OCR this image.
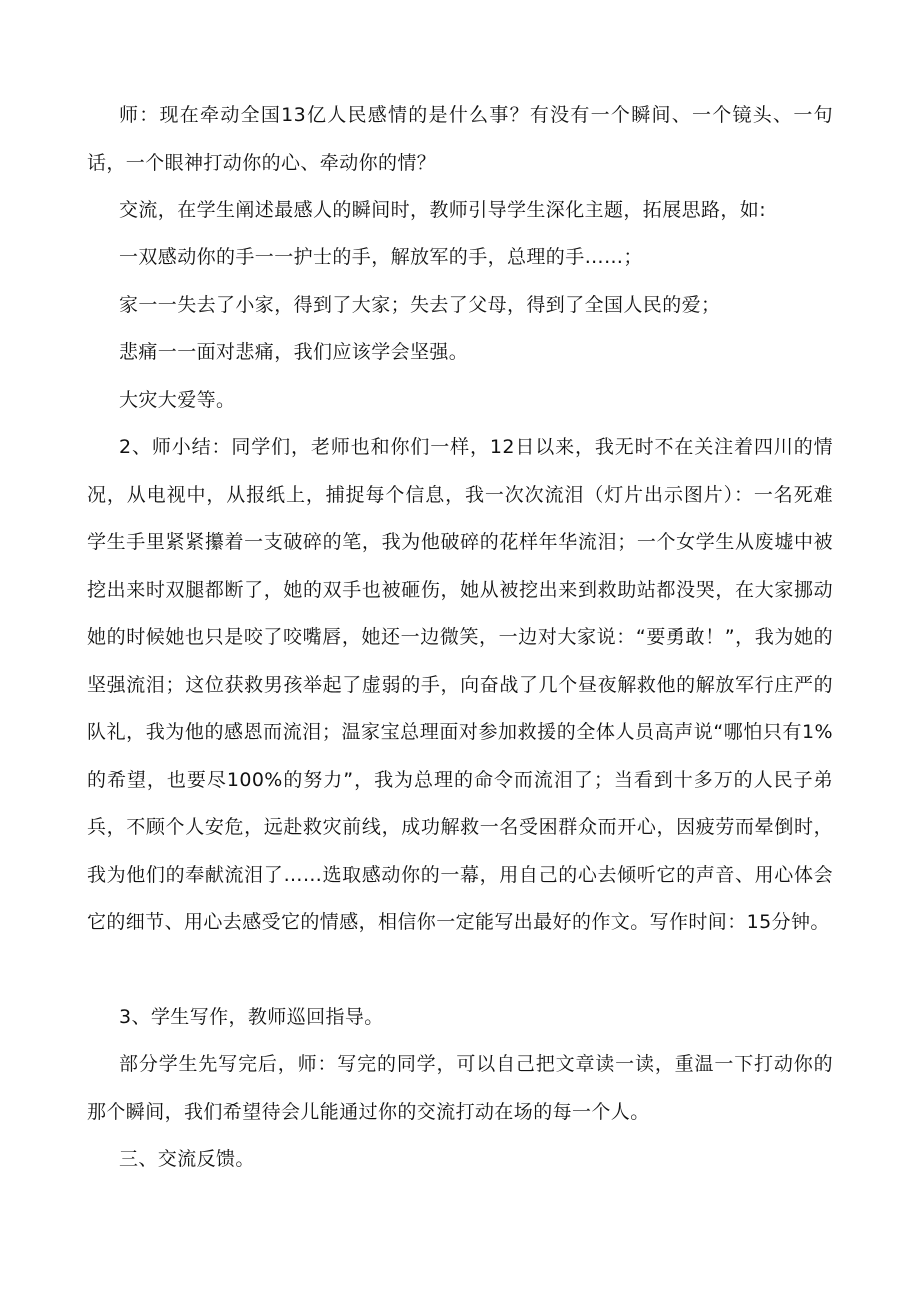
师：现在牵动全国13亿人民感情的是什么事？有没有一个瞬间、一个镜头、一句话，一个眼神打动你的心、牵动你的情？

交流，在学生阐述最感人的瞬间时，教师引导学生深化主题，拓展思路，如:

一双感动你的手一一护士的手，解放军的手，总理的手……；

家一一失去了小家，得到了大家；失去了父母，得到了全国人民的爱；

悲痛一一面对悲痛，我们应该学会坚强。

大灾大爱等。

2、师小结：同学们，老师也和你们一样，12日以来，我无时不在关注着四川的情况，从电视中，从报纸上，捕捉每个信息，我一次次流泪（灯片出示图片）：一名死难学生手里紧紧攥着一支破碎的笔，我为他破碎的花样年华流泪；一个女学生从废墟中被挖出来时双腿都断了，她的双手也被砸伤，她从被挖出来到救助站都没哭，在大家挪动她的时候她也只是咬了咬嘴唇，她还一边微笑，一边对大家说：“要勇敢！”，我为她的坚强流泪；这位获救男孩举起了虚弱的手，向奋战了几个昼夜解救他的解放军行庄严的队礼，我为他的感恩而流泪；温家宝总理面对参加救援的全体人员高声说“哪怕只有1%的希望，也要尽100%的努力”，我为总理的命令而流泪了；当看到十多万的人民子弟兵，不顾个人安危，远赴救灾前线，成功解救一名受困群众而开心，因疲劳而晕倒时，我为他们的奉献流泪了……选取感动你的一幕，用自己的心去倾听它的声音、用心体会它的细节、用心去感受它的情感，相信你一定能写出最好的作文。写作时间：15分钟。

3、学生写作，教师巡回指导。

部分学生先写完后，师：写完的同学，可以自己把文章读一读，重温一下打动你的那个瞬间，我们希望待会儿能通过你的交流打动在场的每一个人。

三、交流反馈。
